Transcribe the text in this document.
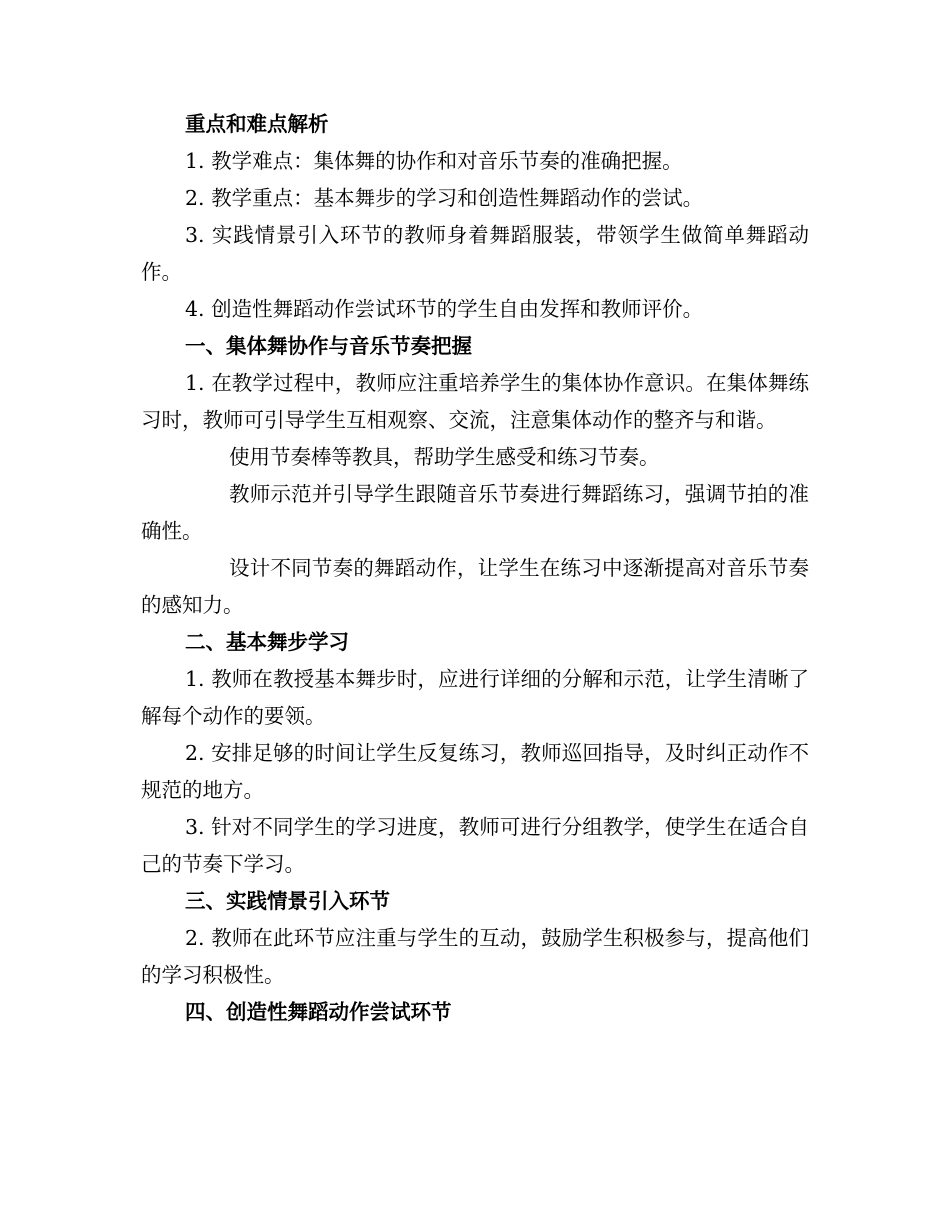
重点和难点解析

1. 教学难点：集体舞的协作和对音乐节奏的准确把握。

2. 教学重点：基本舞步的学习和创造性舞蹈动作的尝试。

3. 实践情景引入环节的教师身着舞蹈服装，带领学生做简单舞蹈动作。

4. 创造性舞蹈动作尝试环节的学生自由发挥和教师评价。

一、集体舞协作与音乐节奏把握

1. 在教学过程中，教师应注重培养学生的集体协作意识。在集体舞练习时，教师可引导学生互相观察、交流，注意集体动作的整齐与和谐。

使用节奏棒等教具，帮助学生感受和练习节奏。

教师示范并引导学生跟随音乐节奏进行舞蹈练习，强调节拍的准确性。

设计不同节奏的舞蹈动作，让学生在练习中逐渐提高对音乐节奏的感知力。

二、基本舞步学习

1. 教师在教授基本舞步时，应进行详细的分解和示范，让学生清晰了解每个动作的要领。

2. 安排足够的时间让学生反复练习，教师巡回指导，及时纠正动作不规范的地方。

3. 针对不同学生的学习进度，教师可进行分组教学，使学生在适合自己的节奏下学习。

三、实践情景引入环节

2. 教师在此环节应注重与学生的互动，鼓励学生积极参与，提高他们的学习积极性。

四、创造性舞蹈动作尝试环节
